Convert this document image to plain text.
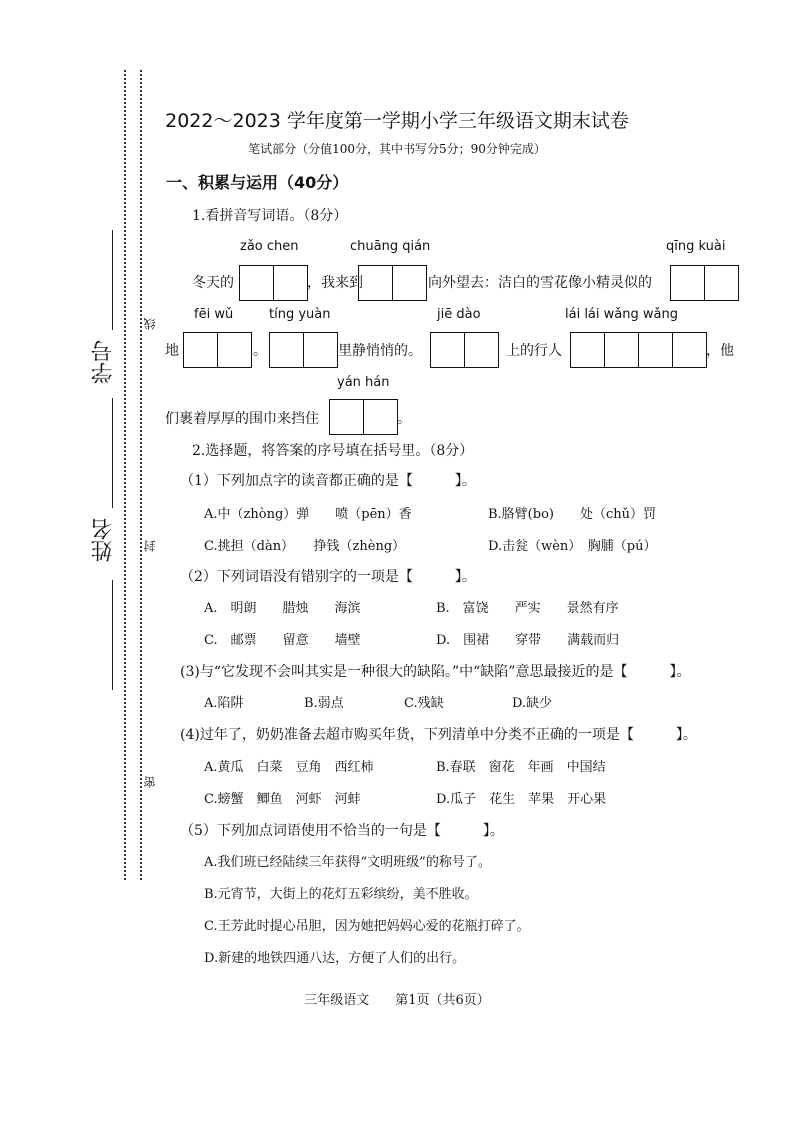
学号
姓名
线
封
密
2022～2023 学年度第一学期小学三年级语文期末试卷
笔试部分（分值100分，其中书写分5分；90分钟完成）
一、积累与运用（40分）
1.看拼音写词语。（8分）
zǎo chen	chuāng qián	qīng kuài
冬天的	，我来到	向外望去：洁白的雪花像小精灵似的
fēi wǔ	tíng yuàn	jiē dào	lái lái wǎng wǎng
地	。	里静悄悄的。	上的行人	，他
yán hán
们裹着厚厚的围巾来挡住	。
2.选择题，将答案的序号填在括号里。（8分）
（1）下列加点字的读音都正确的是【　　　】。
A.中（zhòng）弹　　喷（pēn）香	B.胳臂(bo)　　处（chǔ）罚
C.挑担（dàn）　　挣钱（zhèng）	D.击瓮（wèn）　胸脯（pú）
（2）下列词语没有错别字的一项是【　　　】。
A.　明朗　　腊烛　　海滨	B.　富饶　　严实　　景然有序
C.　邮票　　留意　　墙壁	D.　围裙　　穿带　　满载而归
(3)与“它发现不会叫其实是一种很大的缺陷。”中“缺陷”意思最接近的是【　　　】。
A.陷阱	B.弱点	C.残缺	D.缺少
(4)过年了，奶奶准备去超市购买年货，下列清单中分类不正确的一项是【　　　】。
A.黄瓜　白菜　豆角　西红柿	B.春联　窗花　年画　中国结
C.螃蟹　鲫鱼　河虾　河蚌	D.瓜子　花生　苹果　开心果
（5）下列加点词语使用不恰当的一句是【　　　】。
A.我们班已经陆续三年获得“文明班级”的称号了。
B.元宵节，大街上的花灯五彩缤纷，美不胜收。
C.王芳此时提心吊胆，因为她把妈妈心爱的花瓶打碎了。
D.新建的地铁四通八达，方便了人们的出行。
三年级语文　　第1页（共6页）
